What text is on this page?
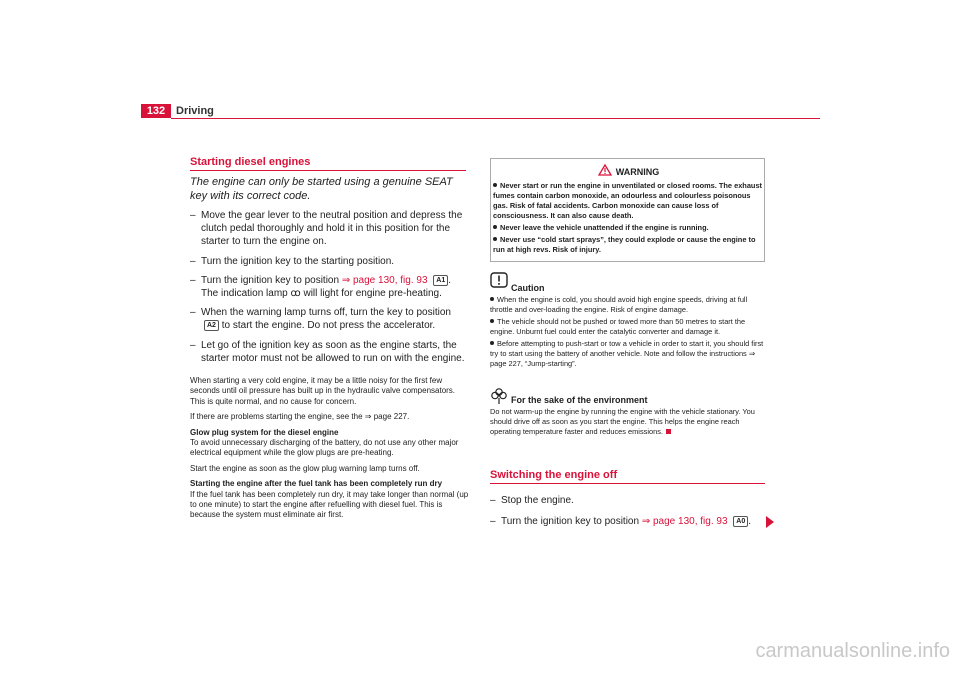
132 Driving
Starting diesel engines
The engine can only be started using a genuine SEAT key with its correct code.
– Move the gear lever to the neutral position and depress the clutch pedal thoroughly and hold it in this position for the starter to turn the engine on.
– Turn the ignition key to the starting position.
– Turn the ignition key to position ⇒ page 130, fig. 93 A1 . The indication lamp ꝏ will light for engine pre-heating.
– When the warning lamp turns off, turn the key to position A2 to start the engine. Do not press the accelerator.
– Let go of the ignition key as soon as the engine starts, the starter motor must not be allowed to run on with the engine.

When starting a very cold engine, it may be a little noisy for the first few seconds until oil pressure has built up in the hydraulic valve compensators. This is quite normal, and no cause for concern.

If there are problems starting the engine, see the ⇒ page 227.

Glow plug system for the diesel engine

To avoid unnecessary discharging of the battery, do not use any other major electrical equipment while the glow plugs are pre-heating.

Start the engine as soon as the glow plug warning lamp turns off.

Starting the engine after the fuel tank has been completely run dry

If the fuel tank has been completely run dry, it may take longer than normal (up to one minute) to start the engine after refuelling with diesel fuel. This is because the system must eliminate air first.

WARNING
Never start or run the engine in unventilated or closed rooms. The exhaust fumes contain carbon monoxide, an odourless and colourless poisonous gas. Risk of fatal accidents. Carbon monoxide can cause loss of consciousness. It can also cause death.
Never leave the vehicle unattended if the engine is running.
Never use “cold start sprays”, they could explode or cause the engine to run at high revs. Risk of injury.
Caution
When the engine is cold, you should avoid high engine speeds, driving at full throttle and over-loading the engine. Risk of engine damage.
The vehicle should not be pushed or towed more than 50 metres to start the engine. Unburnt fuel could enter the catalytic converter and damage it.
Before attempting to push-start or tow a vehicle in order to start it, you should first try to start using the battery of another vehicle. Note and follow the instructions ⇒ page 227, “Jump-starting”.
For the sake of the environment
Do not warm-up the engine by running the engine with the vehicle stationary. You should drive off as soon as you start the engine. This helps the engine reach operating temperature faster and reduces emissions.
Switching the engine off
– Stop the engine.
– Turn the ignition key to position ⇒ page 130, fig. 93 A0 .
carmanualsonline.info
